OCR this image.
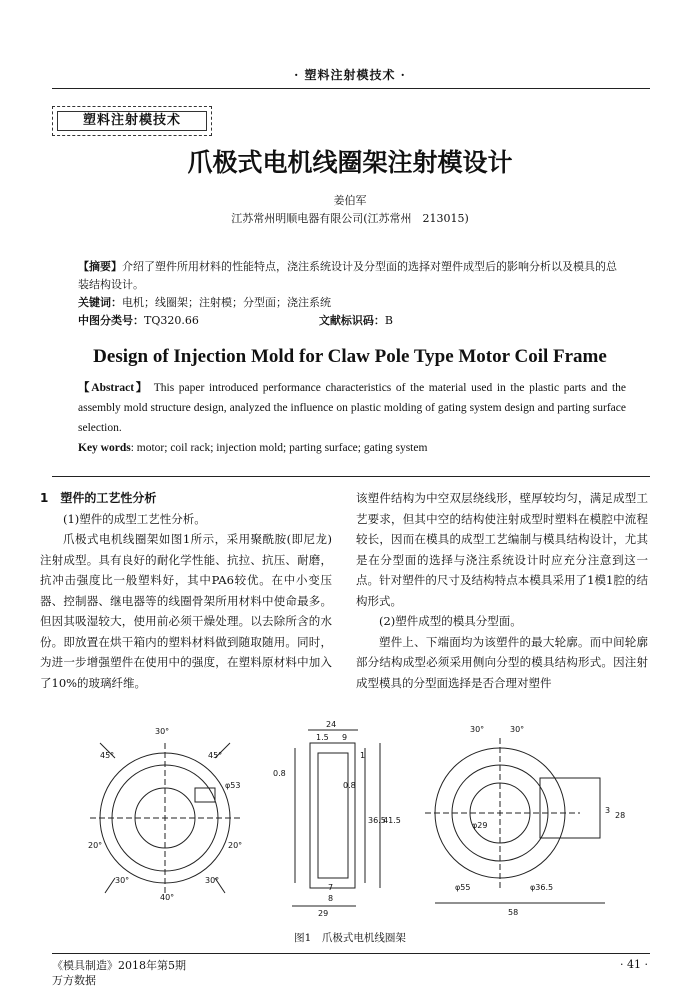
· 塑料注射模技术 ·
塑料注射模技术
爪极式电机线圈架注射模设计
姜伯军
江苏常州明顺电器有限公司(江苏常州　213015)

【摘要】介绍了塑件所用材料的性能特点，浇注系统设计及分型面的选择对塑件成型后的影响分析以及模具的总装结构设计。

关键词：电机；线圈架；注射模；分型面；浇注系统

中图分类号：TQ320.66	文献标识码：B

Design of Injection Mold for Claw Pole Type Motor Coil Frame

【Abstract】 This paper introduced performance characteristics of the material used in the plastic parts and the assembly mold structure design, analyzed the influence on plastic molding of gating system design and parting surface selection.

Key words: motor; coil rack; injection mold; parting surface; gating system

1　塑件的工艺性分析

(1)塑件的成型工艺性分析。

爪极式电机线圈架如图1所示，采用聚酰胺(即尼龙)注射成型。具有良好的耐化学性能、抗拉、抗压、耐磨，抗冲击强度比一般塑料好，其中PA6较优。在中小变压器、控制器、继电器等的线圈骨架所用材料中使命最多。但因其吸湿较大，使用前必须干燥处理。以去除所含的水份。即放置在烘干箱内的塑料材料做到随取随用。同时，为进一步增强塑件在使用中的强度，在塑料原材料中加入了10%的玻璃纤维。

该塑件结构为中空双层绕线形，壁厚较均匀，满足成型工艺要求，但其中空的结构使注射成型时塑料在模腔中流程较长，因而在模具的成型工艺编制与模具结构设计，尤其是在分型面的选择与浇注系统设计时应充分注意到这一点。针对塑件的尺寸及结构特点本模具采用了1模1腔的结构形式。

(2)塑件成型的模具分型面。

塑件上、下端面均为该塑件的最大轮廓。而中间轮廓部分结构成型必须采用侧向分型的模具结构形式。因注射成型模具的分型面选择是否合理对塑件

30°
45°	45°
φ53
20°	20°
30°	30°
40°
24
1.5 9
1
0.8
0.8
36.5
41.5
7
8
29
30°	30°
φ29
φ55	φ36.5
3
28
58
图1　爪极式电机线圈架
《模具制造》2018年第5期
万方数据
· 41 ·
